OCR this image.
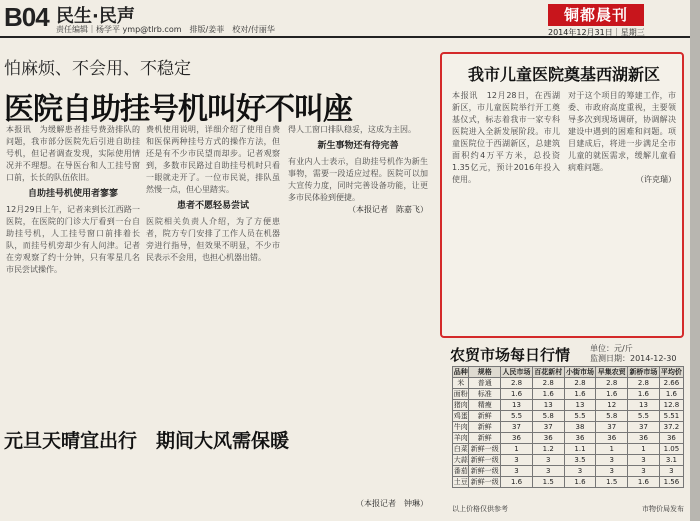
B04 民生·民声
责任编辑｜杨学平 ymp@tlrb.com　排版/姜菲　校对/付丽华
铜都晨刊
2014年12月31日｜星期三
怕麻烦、不会用、不稳定
医院自助挂号机叫好不叫座
本报讯　为缓解患者挂号费劲排队的问题，我市部分医院先后引进自助挂号机，但记者调查发现，实际使用情况并不理想。在导医台和人工挂号窗口前，长长的队伍依旧。
自助挂号机使用者寥寥
12月29日上午，记者来到长江西路一医院，在医院的门诊大厅看到一台自助挂号机，人工挂号窗口前排着长队，而挂号机旁却少有人问津。记者在旁观察了约十分钟，只有零星几名市民尝试操作。
费机使用说明，详细介绍了使用自费和医保两种挂号方式的操作方法，但还是有不少市民望而却步。记者观察到，多数市民路过自助挂号机时只看一眼就走开了。一位市民说，排队虽然慢一点，但心里踏实。
患者不愿轻易尝试
医院相关负责人介绍，为了方便患者，院方专门安排了工作人员在机器旁进行指导，但效果不明显，不少市民表示不会用，也担心机器出错。
得人工窗口排队稳妥，这成为主因。
新生事物还有待完善
有业内人士表示，自助挂号机作为新生事物，需要一段适应过程。医院可以加大宣传力度，同时完善设备功能，让更多市民体验到便捷。
（本报记者　陈嘉飞）
元旦天晴宜出行　期间大风需保暖
（本报记者　钟琳）
我市儿童医院奠基西湖新区
本报讯　12月28日，在西湖新区，市儿童医院举行开工奠基仪式，标志着我市一家专科医院进入全新发展阶段。市儿童医院位于西湖新区，总建筑面积约4万平方米，总投资1.35亿元，预计2016年投入使用。
对于这个项目的筹建工作，市委、市政府高度重视，主要领导多次到现场调研，协调解决建设中遇到的困难和问题。项目建成后，将进一步满足全市儿童的就医需求，缓解儿童看病难问题。
（许克瑞）
农贸市场每日行情 单位：元/斤
监测日期：2014-12-30
品种	规格	人民市场	百花新村	小街市场	早集农贸	新桥市场	平均价
米	普通	2.8	2.8	2.8	2.8	2.8	2.66
面粉	标准	1.6	1.6	1.6	1.6	1.6	1.6
猪肉	精瘦	13	13	13	12	13	12.8
鸡蛋	新鲜	5.5	5.8	5.5	5.8	5.5	5.51
牛肉	新鲜	37	37	38	37	37	37.2
羊肉	新鲜	36	36	36	36	36	36
白菜	新鲜一级	1	1.2	1.1	1	1	1.05
大蒜	新鲜一级	3	3	3.5	3	3	3.1
番茄	新鲜一级	3	3	3	3	3	3
土豆	新鲜一级	1.6	1.5	1.6	1.5	1.6	1.56
以上价格仅供参考	市物价局发布
